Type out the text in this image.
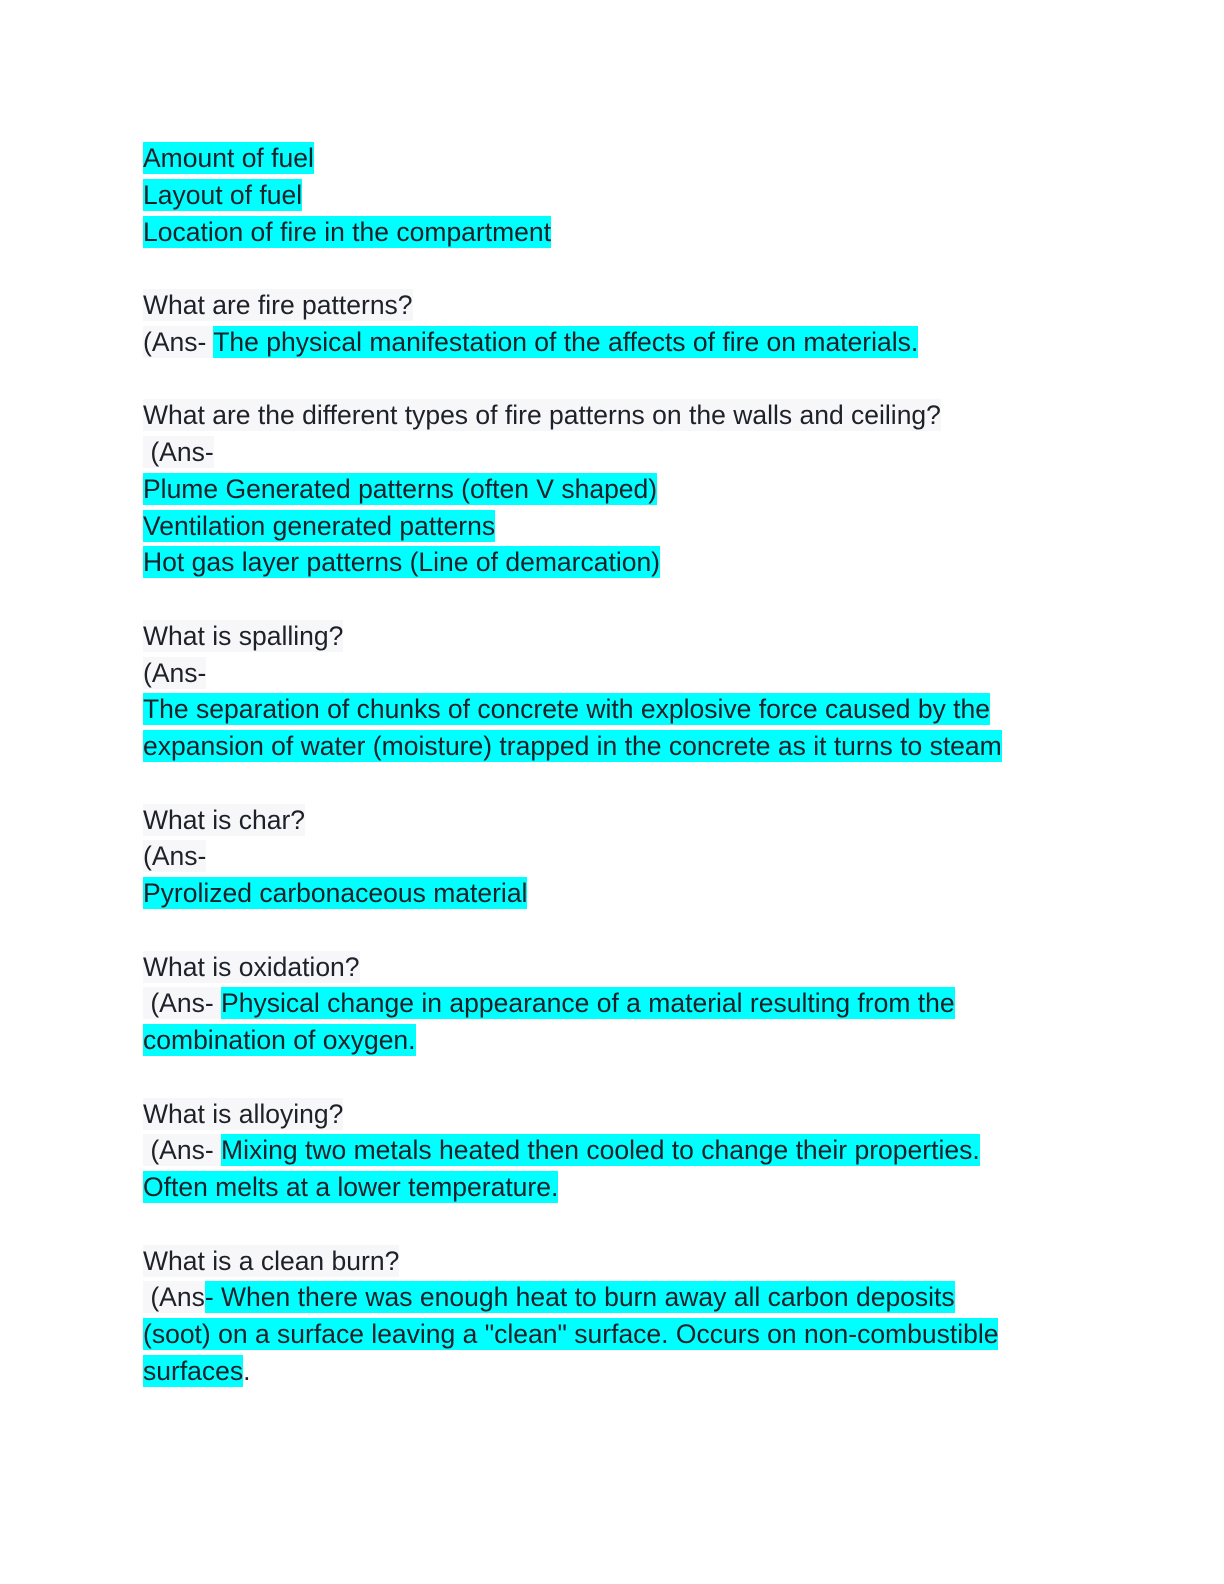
Amount of fuel
Layout of fuel
Location of fire in the compartment
What are fire patterns?
(Ans- The physical manifestation of the affects of fire on materials.
What are the different types of fire patterns on the walls and ceiling?
(Ans-
Plume Generated patterns (often V shaped)
Ventilation generated patterns
Hot gas layer patterns (Line of demarcation)
What is spalling?
(Ans-
The separation of chunks of concrete with explosive force caused by the
expansion of water (moisture) trapped in the concrete as it turns to steam
What is char?
(Ans-
Pyrolized carbonaceous material
What is oxidation?
(Ans- Physical change in appearance of a material resulting from the
combination of oxygen.
What is alloying?
(Ans- Mixing two metals heated then cooled to change their properties.
Often melts at a lower temperature.
What is a clean burn?
(Ans- When there was enough heat to burn away all carbon deposits
(soot) on a surface leaving a "clean" surface. Occurs on non-combustible
surfaces.
